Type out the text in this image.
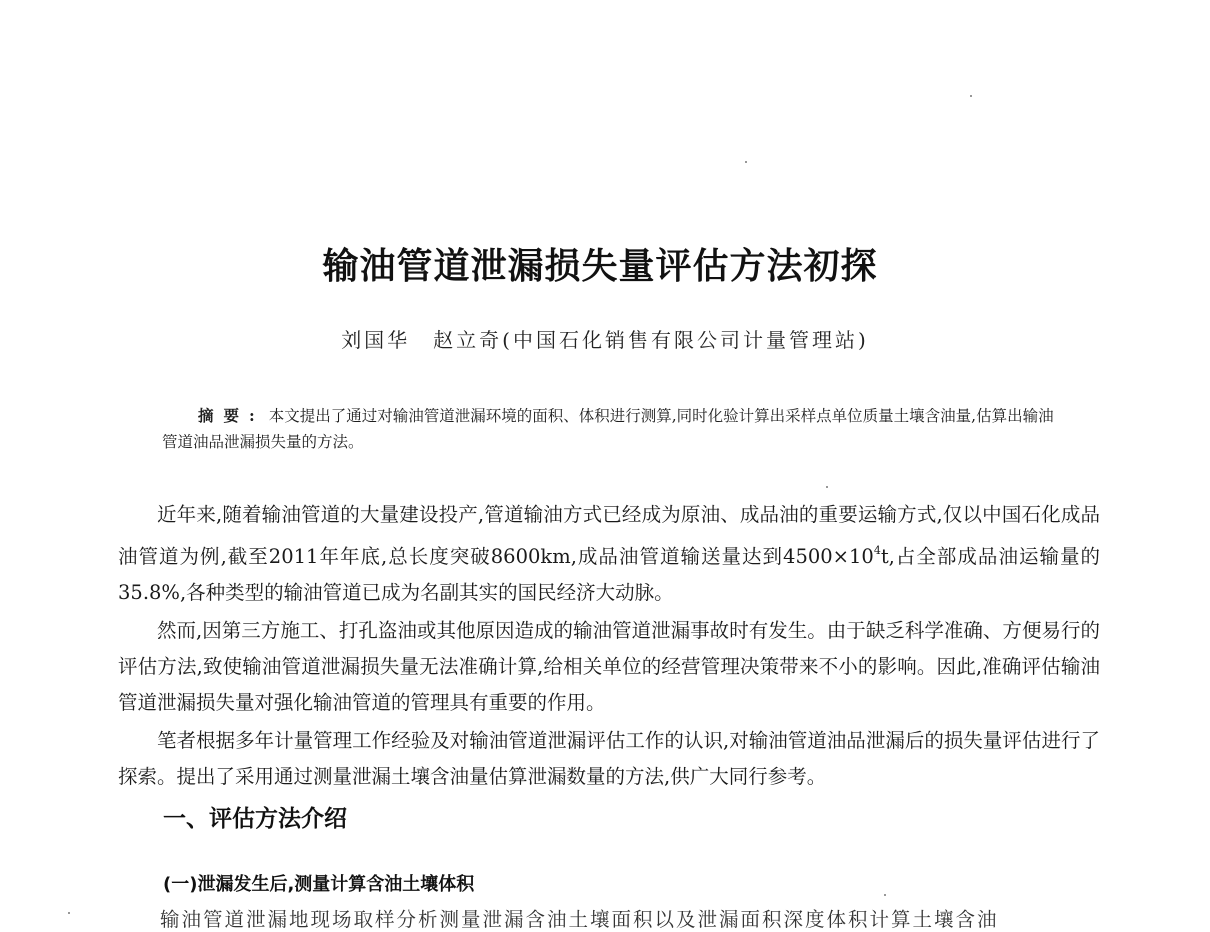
输油管道泄漏损失量评估方法初探
刘国华　赵立奇(中国石化销售有限公司计量管理站)
摘要: 本文提出了通过对输油管道泄漏环境的面积、体积进行测算,同时化验计算出采样点单位质量土壤含油量,估算出输油管道油品泄漏损失量的方法。

近年来,随着输油管道的大量建设投产,管道输油方式已经成为原油、成品油的重要运输方式,仅以中国石化成品油管道为例,截至2011年年底,总长度突破8600km,成品油管道输送量达到$4500\times 10^4t$,占全部成品油运输量的35.8%,各种类型的输油管道已成为名副其实的国民经济大动脉。

然而,因第三方施工、打孔盗油或其他原因造成的输油管道泄漏事故时有发生。由于缺乏科学准确、方便易行的评估方法,致使输油管道泄漏损失量无法准确计算,给相关单位的经营管理决策带来不小的影响。因此,准确评估输油管道泄漏损失量对强化输油管道的管理具有重要的作用。

笔者根据多年计量管理工作经验及对输油管道泄漏评估工作的认识,对输油管道油品泄漏后的损失量评估进行了探索。提出了采用通过测量泄漏土壤含油量估算泄漏数量的方法,供广大同行参考。

一、评估方法介绍
(一)泄漏发生后,测量计算含油土壤体积
输油管道泄漏地现场取样分析测量泄漏含油土壤面积以及泄漏面积深度体积计算土壤含油
